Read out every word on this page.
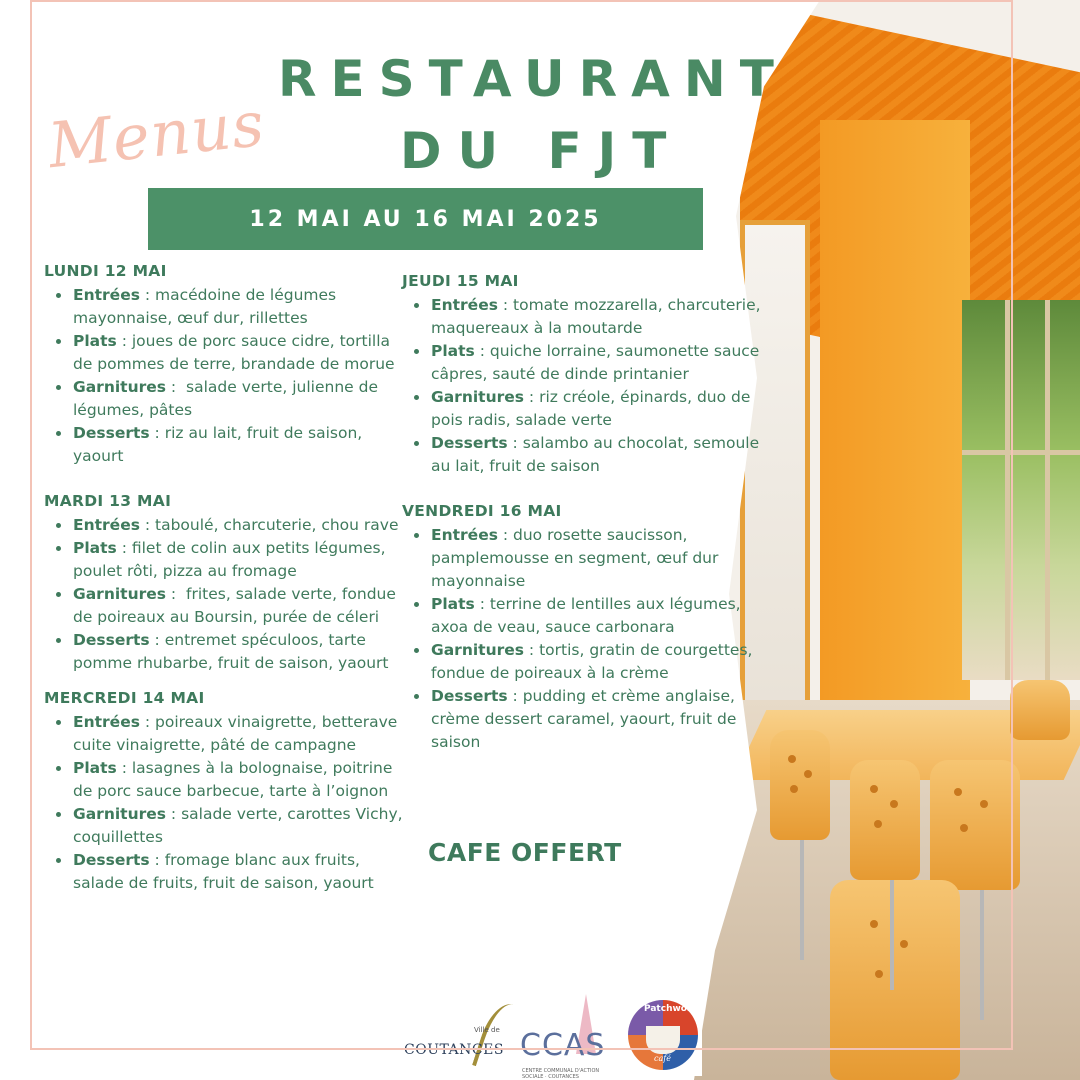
RESTAURANT
DU FJT
Menus
12 MAI AU 16 MAI 2025
LUNDI 12 MAI
Entrées : macédoine de légumes mayonnaise, œuf dur, rillettes
Plats : joues de porc sauce cidre, tortilla de pommes de terre, brandade de morue
Garnitures :  salade verte, julienne de légumes, pâtes
Desserts : riz au lait, fruit de saison, yaourt
MARDI 13 MAI
Entrées : taboulé, charcuterie, chou rave
Plats : filet de colin aux petits légumes, poulet rôti, pizza au fromage
Garnitures :  frites, salade verte, fondue de poireaux au Boursin, purée de céleri
Desserts : entremet spéculoos, tarte pomme rhubarbe, fruit de saison, yaourt
MERCREDI 14 MAI
Entrées : poireaux vinaigrette, betterave cuite vinaigrette, pâté de campagne
Plats : lasagnes à la bolognaise, poitrine de porc sauce barbecue, tarte à l’oignon
Garnitures : salade verte, carottes Vichy, coquillettes
Desserts : fromage blanc aux fruits, salade de fruits, fruit de saison, yaourt
JEUDI 15 MAI
Entrées : tomate mozzarella, charcuterie, maquereaux à la moutarde
Plats : quiche lorraine, saumonette sauce câpres, sauté de dinde printanier
Garnitures : riz créole, épinards, duo de pois radis, salade verte
Desserts : salambo au chocolat, semoule au lait, fruit de saison
VENDREDI 16 MAI
Entrées : duo rosette saucisson, pamplemousse en segment, œuf dur mayonnaise
Plats : terrine de lentilles aux légumes, axoa de veau, sauce carbonara
Garnitures : tortis, gratin de courgettes, fondue de poireaux à la crème
Desserts : pudding et crème anglaise, crème dessert caramel, yaourt, fruit de saison
CAFE OFFERT
Ville de
COUTANCES CCAS
CENTRE COMMUNAL D'ACTION SOCIALE · COUTANCES
Patchwork
café
